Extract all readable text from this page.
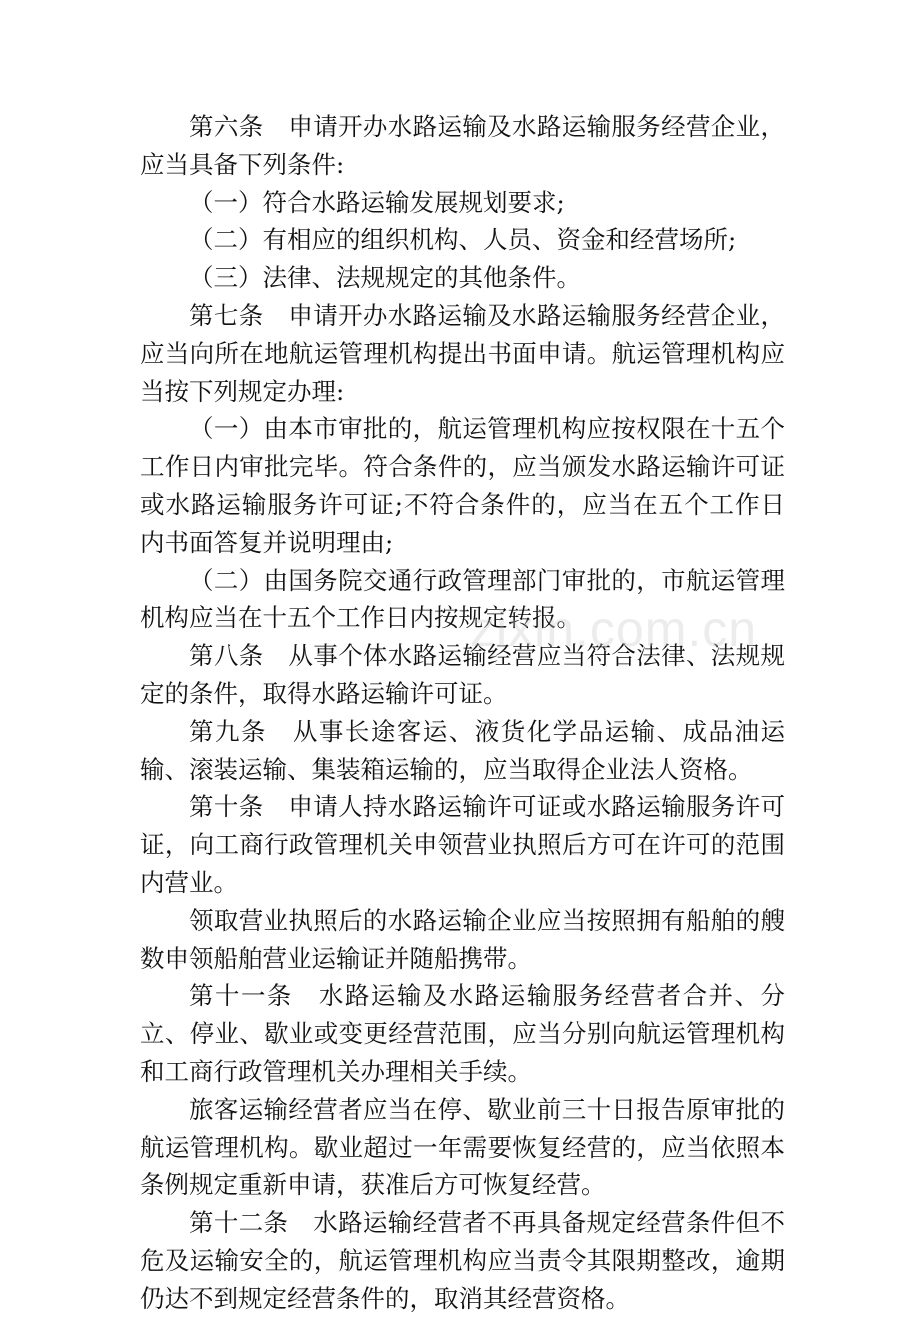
第六条　申请开办水路运输及水路运输服务经营企业，应当具备下列条件:

（一）符合水路运输发展规划要求;

（二）有相应的组织机构、人员、资金和经营场所;

（三）法律、法规规定的其他条件。

第七条　申请开办水路运输及水路运输服务经营企业，应当向所在地航运管理机构提出书面申请。航运管理机构应当按下列规定办理:

（一）由本市审批的，航运管理机构应按权限在十五个工作日内审批完毕。符合条件的，应当颁发水路运输许可证或水路运输服务许可证;不符合条件的，应当在五个工作日内书面答复并说明理由;

（二）由国务院交通行政管理部门审批的，市航运管理机构应当在十五个工作日内按规定转报。

第八条　从事个体水路运输经营应当符合法律、法规规定的条件，取得水路运输许可证。

第九条　从事长途客运、液货化学品运输、成品油运输、滚装运输、集装箱运输的，应当取得企业法人资格。

第十条　申请人持水路运输许可证或水路运输服务许可证，向工商行政管理机关申领营业执照后方可在许可的范围内营业。

领取营业执照后的水路运输企业应当按照拥有船舶的艘数申领船舶营业运输证并随船携带。

第十一条　水路运输及水路运输服务经营者合并、分立、停业、歇业或变更经营范围，应当分别向航运管理机构和工商行政管理机关办理相关手续。

旅客运输经营者应当在停、歇业前三十日报告原审批的航运管理机构。歇业超过一年需要恢复经营的，应当依照本条例规定重新申请，获准后方可恢复经营。

第十二条　水路运输经营者不再具备规定经营条件但不危及运输安全的，航运管理机构应当责令其限期整改，逾期仍达不到规定经营条件的，取消其经营资格。

zixin.com.cn
